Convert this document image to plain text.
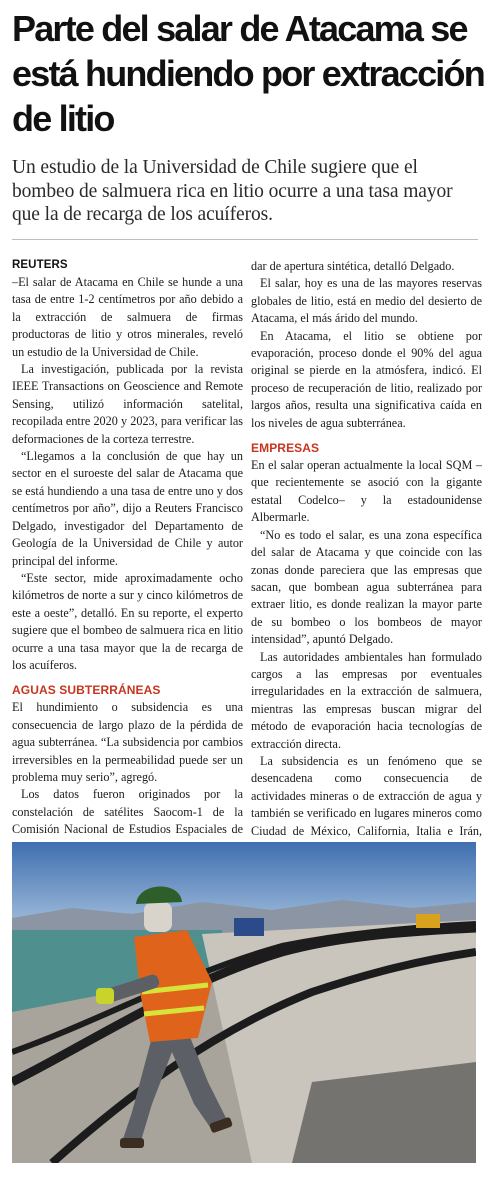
Parte del salar de Atacama se está hundiendo por extracción de litio

Un estudio de la Universidad de Chile sugiere que el bombeo de salmuera rica en litio ocurre a una tasa mayor que la de recarga de los acuíferos.

REUTERS

–El salar de Atacama en Chile se hunde a una tasa de entre 1-2 centímetros por año debido a la extracción de salmuera de firmas productoras de litio y otros minerales, reveló un estudio de la Universidad de Chile.

La investigación, publicada por la revista IEEE Transactions on Geoscience and Remote Sensing, utilizó información satelital, recopilada entre 2020 y 2023, para verificar las deformaciones de la corteza terrestre.

“Llegamos a la conclusión de que hay un sector en el suroeste del salar de Atacama que se está hundiendo a una tasa de entre uno y dos centímetros por año”, dijo a Reuters Francisco Delgado, investigador del Departamento de Geología de la Universidad de Chile y autor principal del informe.

“Este sector, mide aproximadamente ocho kilómetros de norte a sur y cinco kilómetros de este a oeste”, detalló. En su reporte, el experto sugiere que el bombeo de salmuera rica en litio ocurre a una tasa mayor que la de recarga de los acuíferos.

AGUAS SUBTERRÁNEAS

El hundimiento o subsidencia es una consecuencia de largo plazo de la pérdida de agua subterránea. “La subsidencia por cambios irreversibles en la permeabilidad puede ser un problema muy serio”, agregó.

Los datos fueron originados por la constelación de satélites Saocom-1 de la Comisión Nacional de Estudios Espaciales de

dar de apertura sintética, detalló Delgado.

El salar, hoy es una de las mayores reservas globales de litio, está en medio del desierto de Atacama, el más árido del mundo.

En Atacama, el litio se obtiene por evaporación, proceso donde el 90% del agua original se pierde en la atmósfera, indicó. El proceso de recuperación de litio, realizado por largos años, resulta una significativa caída en los niveles de agua subterránea.

EMPRESAS

En el salar operan actualmente la local SQM –que recientemente se asoció con la gigante estatal Codelco– y la estadounidense Albermarle.

“No es todo el salar, es una zona específica del salar de Atacama y que coincide con las zonas donde pareciera que las empresas que sacan, que bombean agua subterránea para extraer litio, es donde realizan la mayor parte de su bombeo o los bombeos de mayor intensidad”, apuntó Delgado.

Las autoridades ambientales han formulado cargos a las empresas por eventuales irregularidades en la extracción de salmuera, mientras las empresas buscan migrar del método de evaporación hacia tecnologías de extracción directa.

La subsidencia es un fenómeno que se desencadena como consecuencia de actividades mineras o de extracción de agua y también se verificado en lugares mineros como Ciudad de México, California, Italia e Irán,
